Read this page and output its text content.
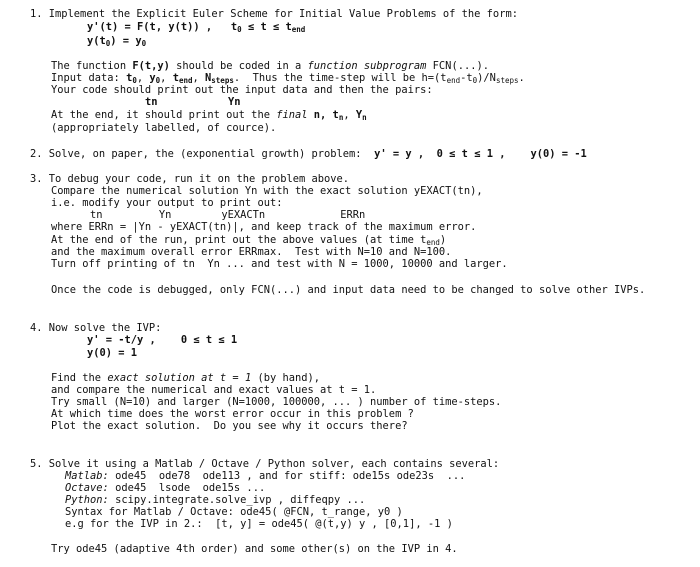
1. Implement the Explicit Euler Scheme for Initial Value Problems of the form:
y'(t) = F(t, y(t)) , $t_0 \le t \le t_{end}$
$y(t_0) = y_0$
The function F(t,y) should be coded in a function subprogram FCN(...).
Input data: $t_0$, $y_0$, $t_{end}$, $N_{steps}$.  Thus the time-step will be $h=(t_{end}-t_0)/N_{steps}$.
Your code should print out the input data and then the pairs:
tn	Yn
At the end, it should print out the final n, $t_n$, $Y_n$
(appropriately labelled, of cource).
2. Solve, on paper, the (exponential growth) problem: y' = y , 0 ≤ t ≤ 1 , y(0) = -1
3. To debug your code, run it on the problem above.
Compare the numerical solution Yn with the exact solution yEXACT(tn),
i.e. modify your output to print out:
tn         Yn        yEXACTn            ERRn
where ERRn = |Yn - yEXACT(tn)|, and keep track of the maximum error.
At the end of the run, print out the above values (at time $t_{end}$)
and the maximum overall error ERRmax.  Test with N=10 and N=100.
Turn off printing of tn  Yn ... and test with N = 1000, 10000 and larger.
Once the code is debugged, only FCN(...) and input data need to be changed to solve other IVPs.
4. Now solve the IVP:
y' = -t/y , 0 ≤ t ≤ 1
y(0) = 1
Find the exact solution at t = 1 (by hand),
and compare the numerical and exact values at t = 1.
Try small (N=10) and larger (N=1000, 100000, ... ) number of time-steps.
At which time does the worst error occur in this problem ?
Plot the exact solution.  Do you see why it occurs there?
5. Solve it using a Matlab / Octave / Python solver, each contains several:
Matlab: ode45  ode78  ode113 , and for stiff: ode15s ode23s  ...
Octave: ode45  lsode  ode15s ...
Python: scipy.integrate.solve_ivp , diffeqpy ...
Syntax for Matlab / Octave: ode45( @FCN, t_range, y0 )
e.g for the IVP in 2.:  [t, y] = ode45( @(t,y) y , [0,1], -1 )
Try ode45 (adaptive 4th order) and some other(s) on the IVP in 4.
